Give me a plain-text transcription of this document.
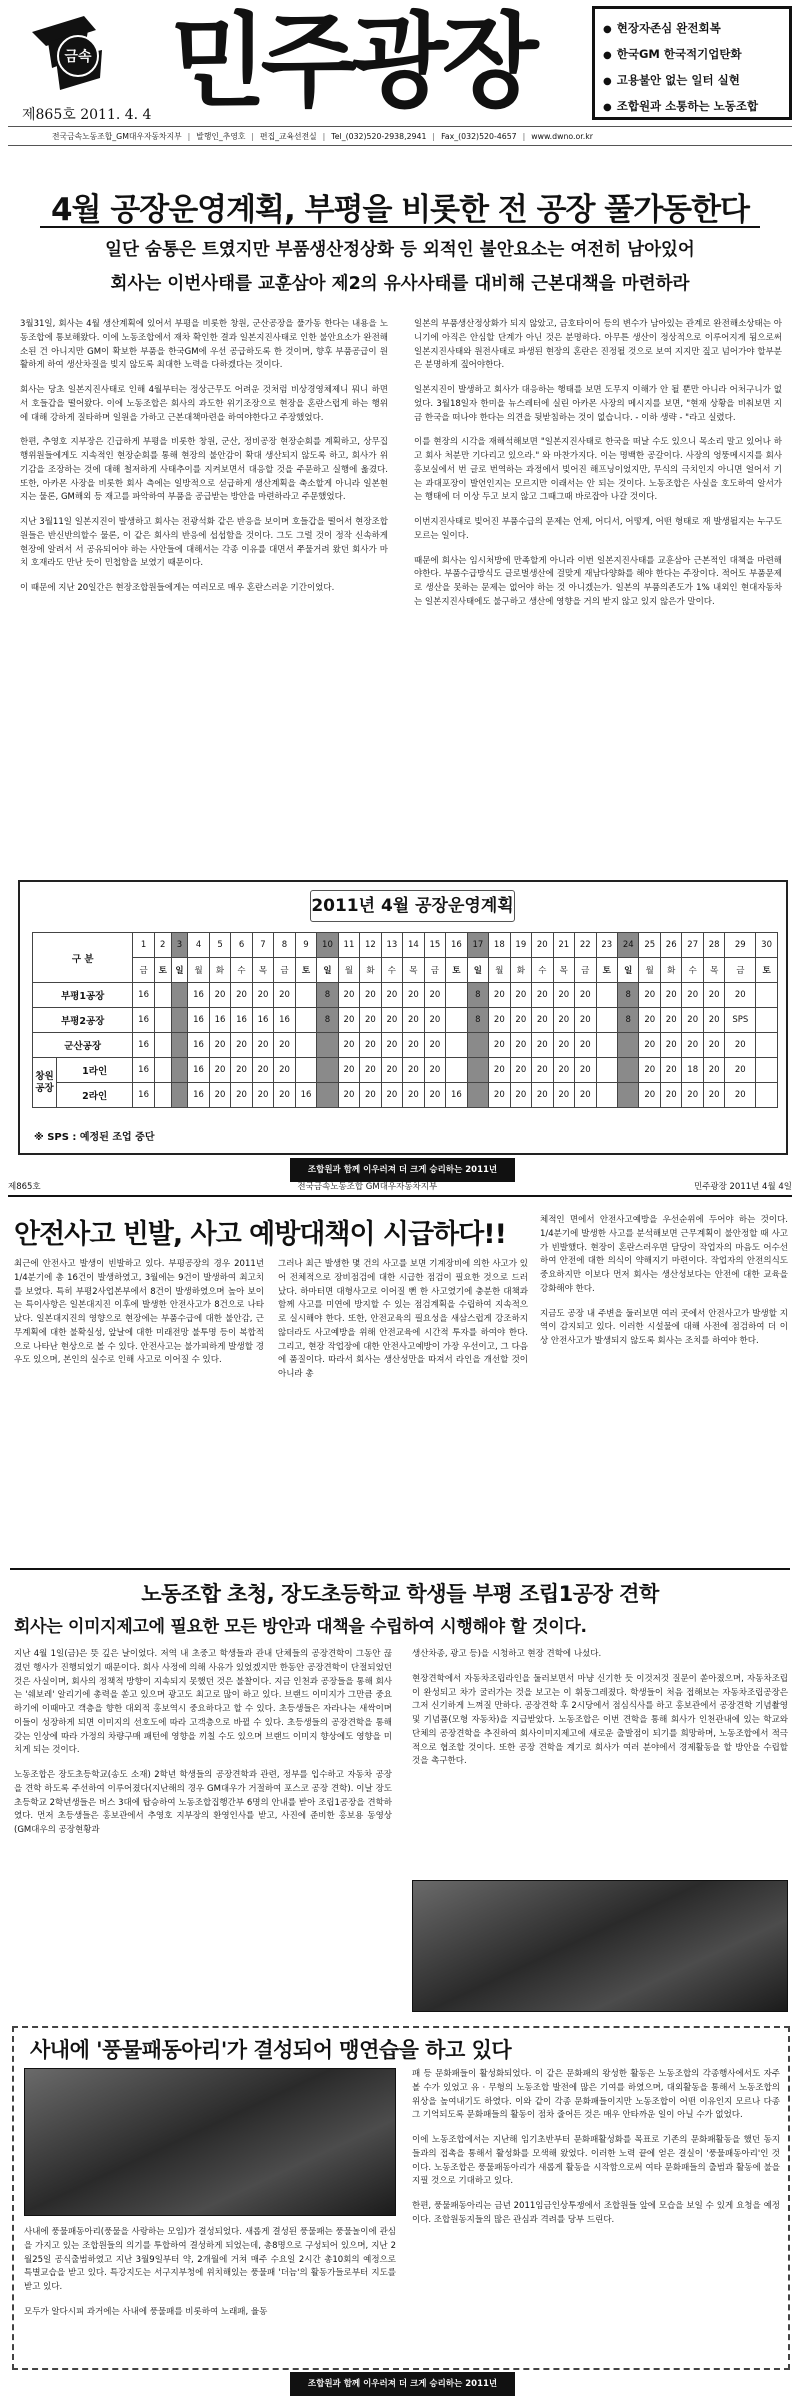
금속
제865호 2011. 4. 4 민주광장	● 현장자존심 완전회복
● 한국GM 한국적기업탄화
● 고용불안 없는 일터 실현
● 조합원과 소통하는 노동조합
전국금속노동조합_GM대우자동차지부 | 발행인_추영호 | 편집_교육선전실 | Tel_(032)520-2938,2941 | Fax_(032)520-4657 | www.dwno.or.kr
4월 공장운영계획, 부평을 비롯한 전 공장 풀가동한다
일단 숨통은 트였지만 부품생산정상화 등 외적인 불안요소는 여전히 남아있어
회사는 이번사태를 교훈삼아 제2의 유사사태를 대비해 근본대책을 마련하라

3월31일, 회사는 4월 생산계획에 있어서 부평을 비롯한 창원, 군산공장을 풀가동 한다는 내용을 노동조합에 통보해왔다. 이에 노동조합에서 재차 확인한 결과 일본지진사태로 인한 불안요소가 완전해소된 건 아니지만 GM이 확보한 부품을 한국GM에 우선 공급하도록 한 것이며, 향후 부품공급이 원활하게 하여 생산차질을 빚지 않도록 최대한 노력을 다하겠다는 것이다.

회사는 당초 일본지진사태로 인해 4월부터는 정상근무도 어려운 것처럼 비상경영체제니 뭐니 하면서 호들갑을 떨어왔다. 이에 노동조합은 회사의 과도한 위기조장으로 현장을 혼란스럽게 하는 행위에 대해 강하게 질타하며 일원을 가하고 근본대책마련을 하여야한다고 주장했었다.

한편, 추영호 지부장은 긴급하게 부평을 비롯한 창원, 군산, 정비공장 현장순회를 계획하고, 상무집행위원들에게도 지속적인 현장순회를 통해 현장의 불안감이 확대 생산되지 않도록 하고, 회사가 위기감을 조장하는 것에 대해 철저하게 사태추이를 지켜보면서 대응할 것을 주문하고 실행에 옮겼다. 또한, 아카몬 사장을 비롯한 회사 측에는 일방적으로 섣급하게 생산계획을 축소할게 아니라 일본현지는 물론, GM해외 등 재고를 파악하여 부품을 공급받는 방안을 마련하라고 주문했었다.

지난 3월11일 일본지진이 발생하고 회사는 전광석화 같은 반응을 보이며 호들갑을 떨어서 현장조합원들은 반신반의할수 물론, 이 같은 회사의 반응에 섭섭함을 것이다. 그도 그럴 것이 정작 신속하게 현장에 알려서 서 공유되어야 하는 사안들에 대해서는 각종 이유를 대면서 쭈물거려 왔던 회사가 마치 호재라도 만난 듯이 민첩함을 보였기 때문이다.

이 때문에 지난 20일간은 현장조합원들에게는 여러모로 매우 혼란스러운 기간이었다.

일본의 부품생산정상화가 되지 않았고, 금호타이어 등의 변수가 남아있는 관계로 완전해소상태는 아니기에 아직은 안심할 단계가 아닌 것은 분명하다. 아무튼 생산이 정상적으로 이루어지게 됨으로써 일본지진사태와 원전사태로 파생된 현장의 혼란은 진정될 것으로 보여 지지만 짚고 넘어가야 할부분은 분명하게 짚어야한다.

일본지진이 발생하고 회사가 대응하는 행태를 보면 도무지 이해가 안 될 뿐만 아니라 어처구니가 없었다. 3월18일자 한미을 뉴스레터에 실린 아카몬 사장의 메시지를 보면, "현재 상황을 비춰보면 지금 한국을 떠나야 한다는 의견을 뒷받침하는 것이 없습니다. - 이하 생략 - "라고 실렸다.

이를 현장의 시각을 재해석해보면 "일본지진사태로 한국을 떠날 수도 있으니 목소리 말고 있어나 하고 회사 처분만 기다리고 있으라." 와 마찬가지다. 이는 명백한 공갈이다. 사장의 엉뚱메시지를 회사 홍보실에서 번 글로 번역하는 과정에서 빚어진 해프닝이었지만, 무식의 극치인지 아니면 얼어서 기는 과대포장이 발언인지는 모르지만 이래서는 안 되는 것이다. 노동조합은 사실을 호도하여 알서가는 행태에 더 이상 두고 보지 않고 그때그때 바로잡아 나갈 것이다.

이번지진사태로 빚어진 부품수급의 문제는 언제, 어디서, 어떻게, 어떤 형태로 재 발생될지는 누구도 모르는 일이다.

때문에 회사는 임시처방에 만족할게 아니라 이번 일본지진사태를 교훈삼아 근본적인 대책을 마련해야한다. 부품수급방식도 글로벌생산에 걸맞게 재남다양화를 해야 한다는 주장이다. 적어도 부품문제로 생산을 못하는 문제는 없어야 하는 것 아니겠는가. 일본의 부품의존도가 1% 내외인 현대자동차는 일본지진사태에도 불구하고 생산에 영향을 거의 받지 않고 있지 않은가 말이다.

2011년 4월 공장운영계획
구 분		1	2	3	4	5	6	7	8	9	10	11	12	13	14	15	16	17	18	19	20	21	22	23	24	25	26	27	28	29	30
		금	토	일	월	화	수	목	금	토	일	월	화	수	목	금	토	일	월	화	수	목	금	토	일	월	화	수	목	금	토
부평1공장		16			16	20	20	20	20		8	20	20	20	20	20		8	20	20	20	20	20		8	20	20	20	20	20	
부평2공장		16			16	16	16	16	16		8	20	20	20	20	20		8	20	20	20	20	20		8	20	20	20	20	SPS	
군산공장		16			16	20	20	20	20			20	20	20	20	20			20	20	20	20	20			20	20	20	20	20	
창원공장	1라인	16			16	20	20	20	20			20	20	20	20	20			20	20	20	20	20			20	20	18	20	20	
	2라인	16			16	20	20	20	20	16		20	20	20	20	20	16		20	20	20	20	20			20	20	20	20	20	
※ SPS : 예정된 조업 중단
조합원과 함께 이우러져 더 크게 승리하는 2011년
제865호	전국금속노동조합 GM대우자동차지부	민주광장 2011년 4월 4일
안전사고 빈발, 사고 예방대책이 시급하다!!

최근에 안전사고 발생이 빈발하고 있다. 부평공장의 경우 2011년 1/4분기에 총 16건이 발생하였고, 3월에는 9건이 발생하여 최고치를 보였다. 특히 부평2사업본부에서 8건이 발생하였으며 높아 보이는 특이사항은 일본대지진 이후에 발생한 안전사고가 8건으로 나타났다. 일본대지진의 영향으로 현장에는 부품수급에 대한 불안감, 근무계획에 대한 불확실성, 앞날에 대한 미래전망 불투명 등이 복합적으로 나타난 현상으로 볼 수 있다. 안전사고는 불가피하게 발생할 경우도 있으며, 본인의 실수로 인해 사고로 이어질 수 있다.

그러나 최근 발생한 몇 건의 사고를 보면 기계장비에 의한 사고가 있어 전체적으로 장비점검에 대한 시급한 점검이 필요한 것으로 드러났다. 하마터면 대형사고로 이어질 뻔 한 사고였기에 충분한 대책과 함께 사고를 미연에 방지할 수 있는 점검계획을 수립하여 지속적으로 실시해야 한다. 또한, 안전교육의 필요성을 새삼스럽게 강조하지 않더라도 사고예방을 위해 안전교육에 시간적 투자를 하여야 한다. 그리고, 현장 작업장에 대한 안전사고예방이 가장 우선이고, 그 다음에 품질이다. 따라서 회사는 생산성만을 따져서 라인을 개선할 것이 아니라 총

체적인 면에서 안전사고예방을 우선순위에 두어야 하는 것이다. 1/4분기에 발생한 사고를 분석해보면 근무계획이 불안정할 때 사고가 빈발했다. 현장이 혼란스러우면 담당이 작업자의 마음도 어수선하여 안전에 대한 의식이 약해지기 마련이다. 작업자의 안전의식도 중요하지만 이보다 먼저 회사는 생산성보다는 안전에 대한 교육을 강화해야 한다.

지금도 공장 내 주변을 둘러보면 여러 곳에서 안전사고가 발생할 지역이 감지되고 있다. 이러한 시설물에 대해 사전에 점검하여 더 이상 안전사고가 발생되지 않도록 회사는 조치를 하여야 한다.

노동조합 초청, 장도초등학교 학생들 부평 조립1공장 견학
회사는 이미지제고에 필요한 모든 방안과 대책을 수립하여 시행해야 할 것이다.

지난 4월 1일(금)은 뜻 깊은 날이었다. 저역 내 초중고 학생들과 관내 단체들의 공장견학이 그동안 끊겼던 행사가 진행되었기 때문이다. 회사 사정에 의해 사유가 있었겠지만 한동안 공장견학이 단절되었던 것은 사실이며, 회사의 정책적 방향이 지속되지 못했던 것은 불찰이다. 지금 인천과 공장들을 통해 회사는 '쉐보레' 알리기에 총력을 쏟고 있으며 광고도 최고로 많이 하고 있다. 브랜드 이미지가 그만큼 중요하기에 이때마고 객층을 향한 대외적 홍보역시 중요하다고 할 수 있다. 초등생들은 자라나는 새싹이며 이들이 성장하게 되면 이미지의 선호도에 따라 고객층으로 바뀔 수 있다. 초등생들의 공장견학을 통해 갖는 인상에 따라 가정의 차량구매 패턴에 영향을 끼칠 수도 있으며 브랜드 이미지 향상에도 영향을 미치게 되는 것이다.

노동조합은 장도초등학교(송도 소재) 2학년 학생들의 공장견학과 관련, 정부를 입수하고 자동차 공장을 견학 하도록 주선하여 이루어졌다(지난해의 경우 GM대우가 거절하여 포스코 공장 견학). 이날 장도초등학교 2학년생들은 버스 3대에 탑승하여 노동조합집행간부 6명의 안내를 받아 조립1공장을 견학하였다. 먼저 초등생들은 홍보관에서 추영호 지부장의 환영인사를 받고, 사진에 준비한 홍보용 동영상(GM대우의 공장현황과

생산차종, 광고 등)을 시청하고 현장 견학에 나섰다.

현장견학에서 자동차조립라인을 둘러보면서 마냥 신기한 듯 이것저것 질문이 쏟아졌으며, 자동차조립이 완성되고 차가 굴러가는 것을 보고는 이 휘둥그레졌다. 학생들이 처음 접해보는 자동차조립공장은 그저 신기하게 느껴질 만하다. 공장견학 후 2시당에서 점심식사를 하고 홍보관에서 공장견학 기념촬영 및 기념품(모형 자동차)을 지급받았다. 노동조합은 이번 견학을 통해 회사가 인천관내에 있는 학교와 단체의 공장견학을 추진하여 회사이미지제고에 새로운 출발점이 되기를 희망하며, 노동조합에서 적극적으로 협조할 것이다. 또한 공장 견학을 계기로 회사가 여러 분야에서 경제활동을 할 방안을 수립할 것을 촉구한다.

사내에 '풍물패동아리'가 결성되어 맹연습을 하고 있다

사내에 풍물패동아리(풍물을 사랑하는 모임)가 결성되었다. 새롭게 결성된 풍물패는 풍물놀이에 관심을 가지고 있는 조합원들의 의기를 투합하여 결성하게 되었는데, 총8명으로 구성되어 있으며, 지난 2월25일 공식출범하였고 지난 3월9일부터 약, 2개월에 거쳐 매주 수요일 2시간 총10회의 예정으로 특별교습을 받고 있다. 특강지도는 서구지부청에 위치해있는 풍물패 '더늠'의 활동가들로부터 지도를 받고 있다.

모두가 알다시피 과거에는 사내에 풍물패를 비롯하여 노래패, 율동

패 등 문화패들이 활성화되었다. 이 같은 문화패의 왕성한 활동은 노동조합의 각종행사에서도 자주 볼 수가 있었고 유 · 무형의 노동조합 발전에 많은 기여를 하였으며, 대외활동을 통해서 노동조합의 위상을 높여내기도 하였다. 이와 같이 각종 문화패들이지만 노동조합이 어떤 이유인지 모르나 다종 그 기억되도록 문화패들의 활동이 점차 줄어든 것은 매우 안타까운 일이 아닐 수가 없었다.

이에 노동조합에서는 지난해 임기초반부터 문화패활성화를 목표로 기존의 문화패활동을 했던 동지들과의 접촉을 통해서 활성화를 모색해 왔었다. 이러한 노력 끝에 얻은 결실이 '풍물패동아리'인 것이다. 노동조합은 풍물패동아리가 새롭게 활동을 시작함으로써 여타 문화패들의 출범과 활동에 불을 지필 것으로 기대하고 있다.

한편, 풍물패동아리는 금년 2011임금인상투쟁에서 조합원들 앞에 모습을 보일 수 있게 요청을 예정이다. 조합원동지들의 많은 관심과 격려를 당부 드린다.

조합원과 함께 이우러져 더 크게 승리하는 2011년
